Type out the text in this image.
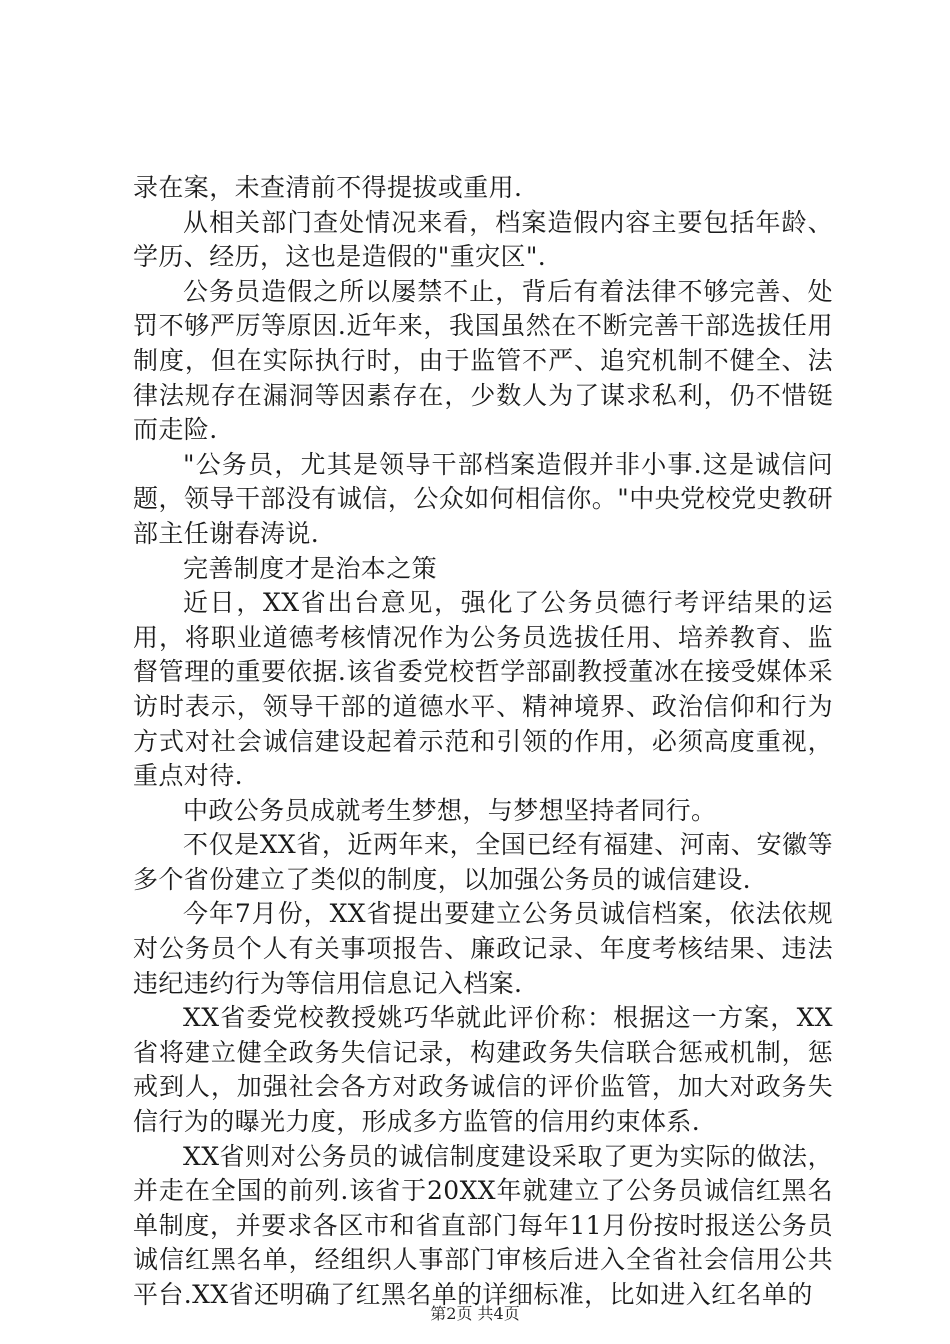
录在案，未查清前不得提拔或重用.

从相关部门查处情况来看，档案造假内容主要包括年龄、学历、经历，这也是造假的"重灾区".

公务员造假之所以屡禁不止，背后有着法律不够完善、处罚不够严厉等原因.近年来，我国虽然在不断完善干部选拔任用制度，但在实际执行时，由于监管不严、追究机制不健全、法律法规存在漏洞等因素存在，少数人为了谋求私利，仍不惜铤而走险.

"公务员，尤其是领导干部档案造假并非小事.这是诚信问题，领导干部没有诚信，公众如何相信你。"中央党校党史教研部主任谢春涛说.

完善制度才是治本之策

近日，XX省出台意见，强化了公务员德行考评结果的运用，将职业道德考核情况作为公务员选拔任用、培养教育、监督管理的重要依据.该省委党校哲学部副教授董冰在接受媒体采访时表示，领导干部的道德水平、精神境界、政治信仰和行为方式对社会诚信建设起着示范和引领的作用，必须高度重视，重点对待.

中政公务员成就考生梦想，与梦想坚持者同行。

不仅是XX省，近两年来，全国已经有福建、河南、安徽等多个省份建立了类似的制度，以加强公务员的诚信建设.

今年7月份，XX省提出要建立公务员诚信档案，依法依规对公务员个人有关事项报告、廉政记录、年度考核结果、违法违纪违约行为等信用信息记入档案.

XX省委党校教授姚巧华就此评价称：根据这一方案，XX省将建立健全政务失信记录，构建政务失信联合惩戒机制，惩戒到人，加强社会各方对政务诚信的评价监管，加大对政务失信行为的曝光力度，形成多方监管的信用约束体系.

XX省则对公务员的诚信制度建设采取了更为实际的做法，并走在全国的前列.该省于20XX年就建立了公务员诚信红黑名单制度，并要求各区市和省直部门每年11月份按时报送公务员诚信红黑名单，经组织人事部门审核后进入全省社会信用公共平台.XX省还明确了红黑名单的详细标准，比如进入红名单的

第2页 共4页
